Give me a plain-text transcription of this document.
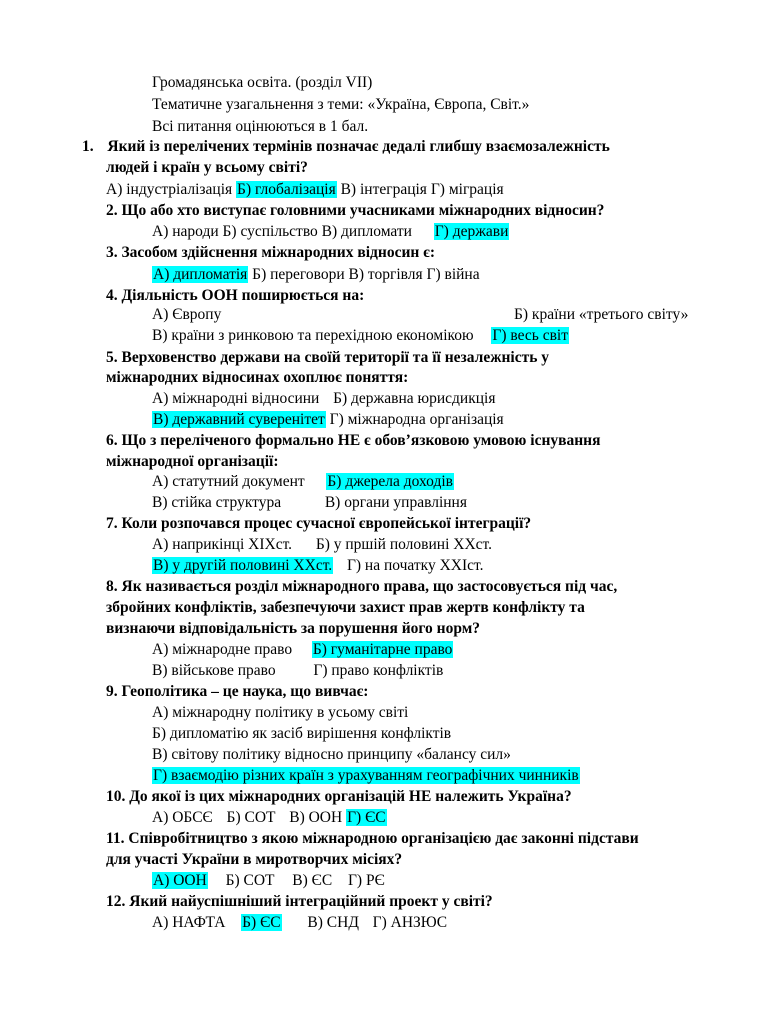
Громадянська освіта. (розділ VII)
Тематичне узагальнення з теми: «Україна, Європа, Світ.»
Всі питання оцінюються в 1 бал.
1. Який із перелічених термінів позначає дедалі глибшу взаємозалежність
людей і країн у всьому світі?
А) індустріалізація Б) глобалізація В) інтеграція Г) міграція
2. Що або хто виступає головними учасниками міжнародних відносин?
А) народи Б) суспільство В) дипломати Г) держави
3. Засобом здійснення міжнародних відносин є:
А) дипломатія Б) переговори В) торгівля Г) війна
4. Діяльність ООН поширюється на:
А) Європу	Б) країни «третього світу»
В) країни з ринковою та перехідною економікою Г) весь світ
5. Верховенство держави на своїй території та її незалежність у
міжнародних відносинах охоплює поняття:
А) міжнародні відносини Б) державна юрисдикція
В) державний суверенітет Г) міжнародна організація
6. Що з переліченого формально НЕ є обов’язковою умовою існування
міжнародної організації:
А) статутний документ Б) джерела доходів
В) стійка структура	В) органи управління
7. Коли розпочався процес сучасної європейської інтеграції?
А) наприкінці ХІХст. Б) у пршій половині ХХст.
В) у другій половині ХХст. Г) на початку ХХІст.
8. Як називається розділ міжнародного права, що застосовується під час,
збройних конфліктів, забезпечуючи захист прав жертв конфлікту та
визнаючи відповідальність за порушення його норм?
А) міжнародне право Б) гуманітарне право
В) військове право Г) право конфліктів
9. Геополітика – це наука, що вивчає:
А) міжнародну політику в усьому світі
Б) дипломатію як засіб вирішення конфліктів
В) світову політику відносно принципу «балансу сил»
Г) взаємодію різних країн з урахуванням географічних чинників
10. До якої із цих міжнародних організацій НЕ належить Україна?
А) ОБСЄ Б) СОТ В) ООН Г) ЄС
11. Співробітництво з якою міжнародною організацією дає законні підстави
для участі України в миротворчих місіях?
А) ООН Б) СОТ В) ЄС Г) РЄ
12. Який найуспішніший інтеграційний проект у світі?
А) НАФТА Б) ЄС В) СНД Г) АНЗЮС
